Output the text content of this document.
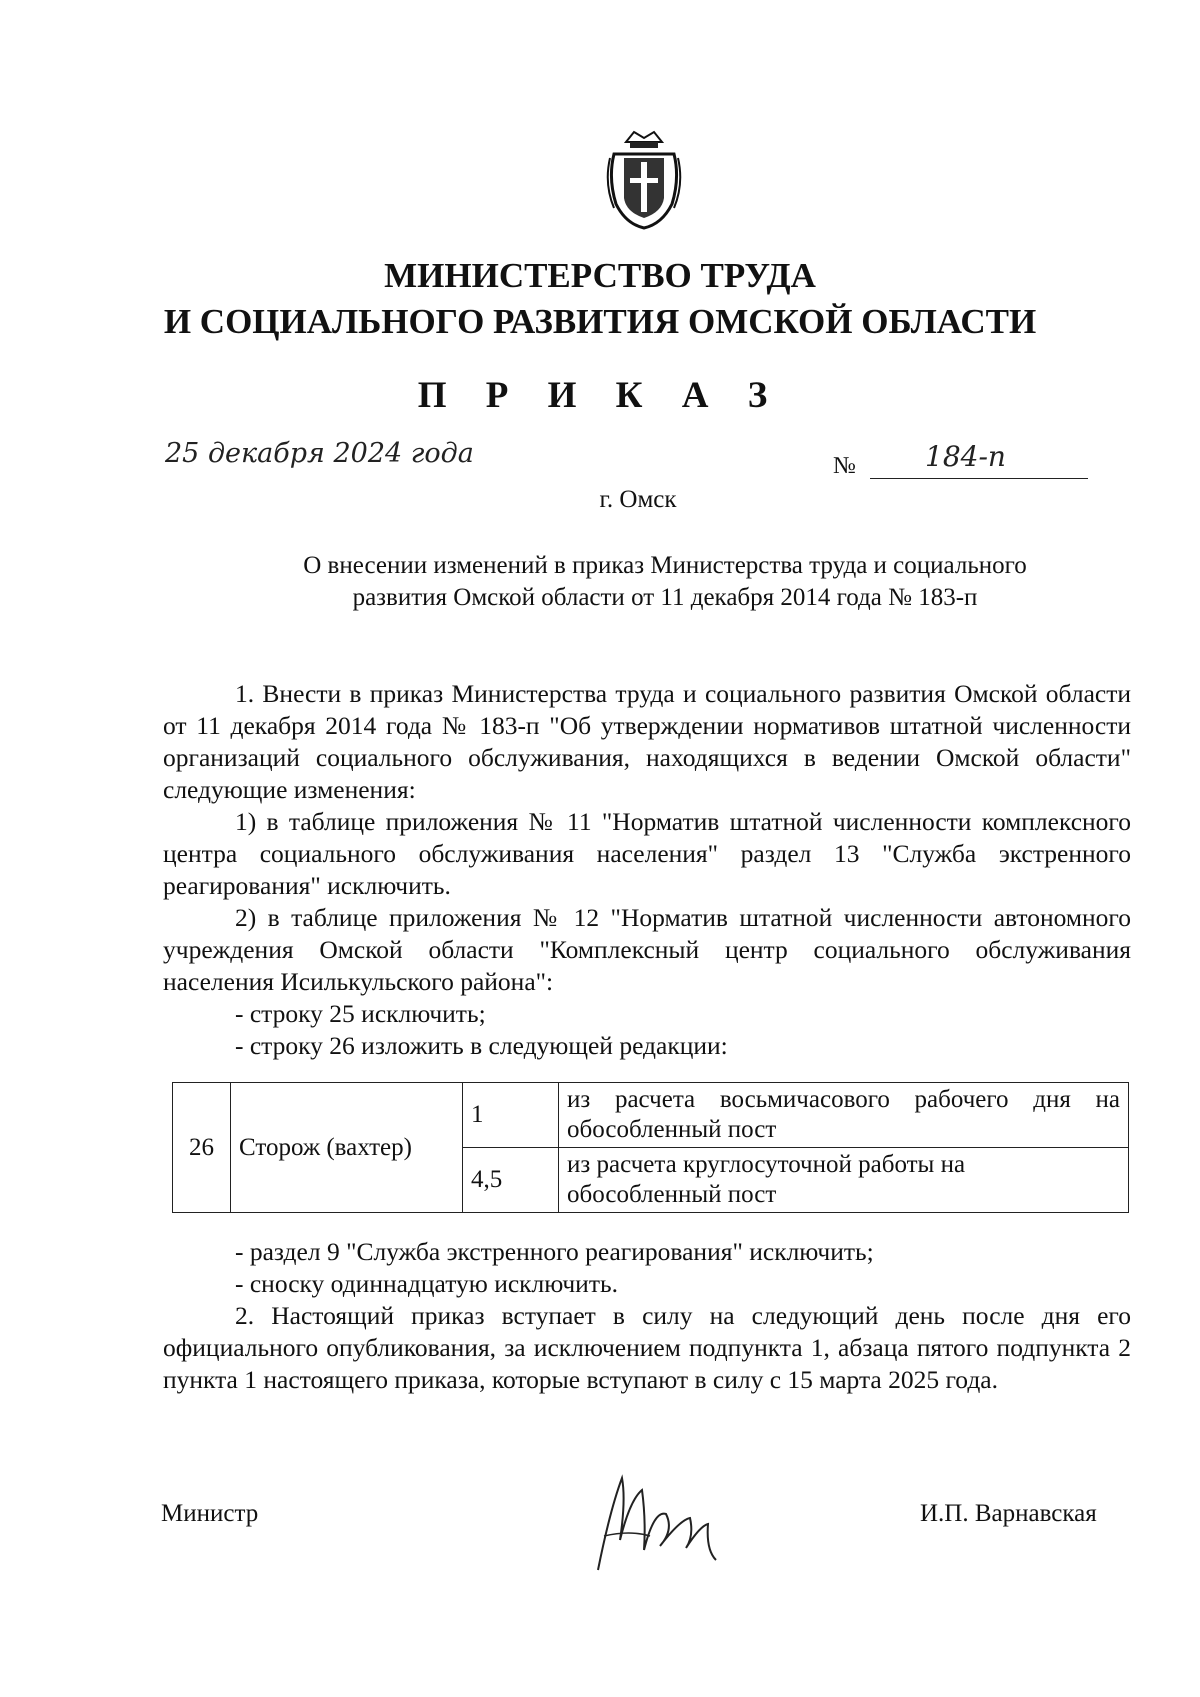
МИНИСТЕРСТВО ТРУДА
И СОЦИАЛЬНОГО РАЗВИТИЯ ОМСКОЙ ОБЛАСТИ
П Р И К А З
25 декабря 2024 года	№ 184-п
г. Омск
О внесении изменений в приказ Министерства труда и социального
развития Омской области от 11 декабря 2014 года № 183-п

1. Внести в приказ Министерства труда и социального развития Омской области от 11 декабря 2014 года № 183-п "Об утверждении нормативов штатной численности организаций социального обслуживания, находящихся в ведении Омской области" следующие изменения:

1) в таблице приложения № 11 "Норматив штатной численности комплексного центра социального обслуживания населения" раздел 13 "Служба экстренного реагирования" исключить.

2) в таблице приложения № 12 "Норматив штатной численности автономного учреждения Омской области "Комплексный центр социального обслуживания населения Исилькульского района":

- строку 25 исключить;

- строку 26 изложить в следующей редакции:

26	Сторож (вахтер)	1	из расчета восьмичасового рабочего дня на обособленный пост
		4,5	из расчета круглосуточной работы на обособленный пост

- раздел 9 "Служба экстренного реагирования" исключить;

- сноску одиннадцатую исключить.

2. Настоящий приказ вступает в силу на следующий день после дня его официального опубликования, за исключением подпункта 1, абзаца пятого подпункта 2 пункта 1 настоящего приказа, которые вступают в силу с 15 марта 2025 года.

Министр	И.П. Варнавская
